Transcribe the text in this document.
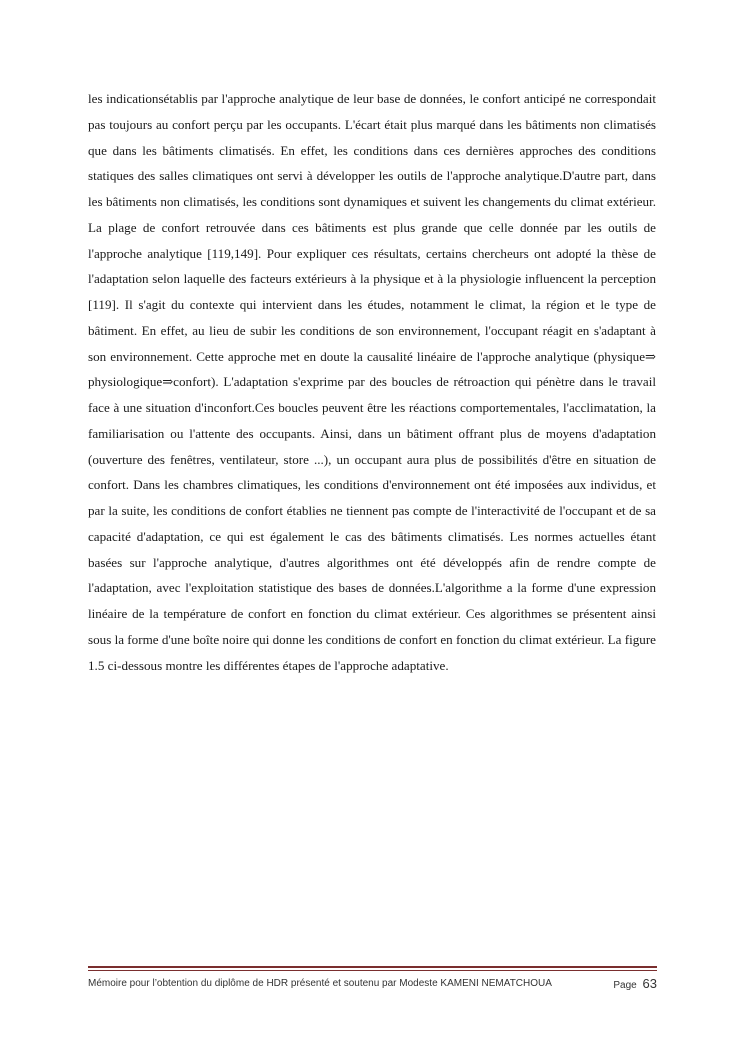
les indicationsétablis par l'approche analytique de leur base de données, le confort anticipé ne correspondait pas toujours au confort perçu par les occupants. L'écart était plus marqué dans les bâtiments non climatisés que dans les bâtiments climatisés. En effet, les conditions dans ces dernières approches des conditions statiques des salles climatiques ont servi à développer les outils de l'approche analytique.D'autre part, dans les bâtiments non climatisés, les conditions sont dynamiques et suivent les changements du climat extérieur. La plage de confort retrouvée dans ces bâtiments est plus grande que celle donnée par les outils de l'approche analytique [119,149]. Pour expliquer ces résultats, certains chercheurs ont adopté la thèse de l'adaptation selon laquelle des facteurs extérieurs à la physique et à la physiologie influencent la perception [119]. Il s'agit du contexte qui intervient dans les études, notamment le climat, la région et le type de bâtiment. En effet, au lieu de subir les conditions de son environnement, l'occupant réagit en s'adaptant à son environnement. Cette approche met en doute la causalité linéaire de l'approche analytique (physique⇒ physiologique⇒confort). L'adaptation s'exprime par des boucles de rétroaction qui pénètre dans le travail face à une situation d'inconfort.Ces boucles peuvent être les réactions comportementales, l'acclimatation, la familiarisation ou l'attente des occupants. Ainsi, dans un bâtiment offrant plus de moyens d'adaptation (ouverture des fenêtres, ventilateur, store ...), un occupant aura plus de possibilités d'être en situation de confort. Dans les chambres climatiques, les conditions d'environnement ont été imposées aux individus, et par la suite, les conditions de confort établies ne tiennent pas compte de l'interactivité de l'occupant et de sa capacité d'adaptation, ce qui est également le cas des bâtiments climatisés. Les normes actuelles étant basées sur l'approche analytique, d'autres algorithmes ont été développés afin de rendre compte de l'adaptation, avec l'exploitation statistique des bases de données.L'algorithme a la forme d'une expression linéaire de la température de confort en fonction du climat extérieur. Ces algorithmes se présentent ainsi sous la forme d'une boîte noire qui donne les conditions de confort en fonction du climat extérieur. La figure 1.5 ci-dessous montre les différentes étapes de l'approche adaptative.

Mémoire pour l’obtention du diplôme de HDR présenté et soutenu par Modeste KAMENI NEMATCHOUA	Page 63
